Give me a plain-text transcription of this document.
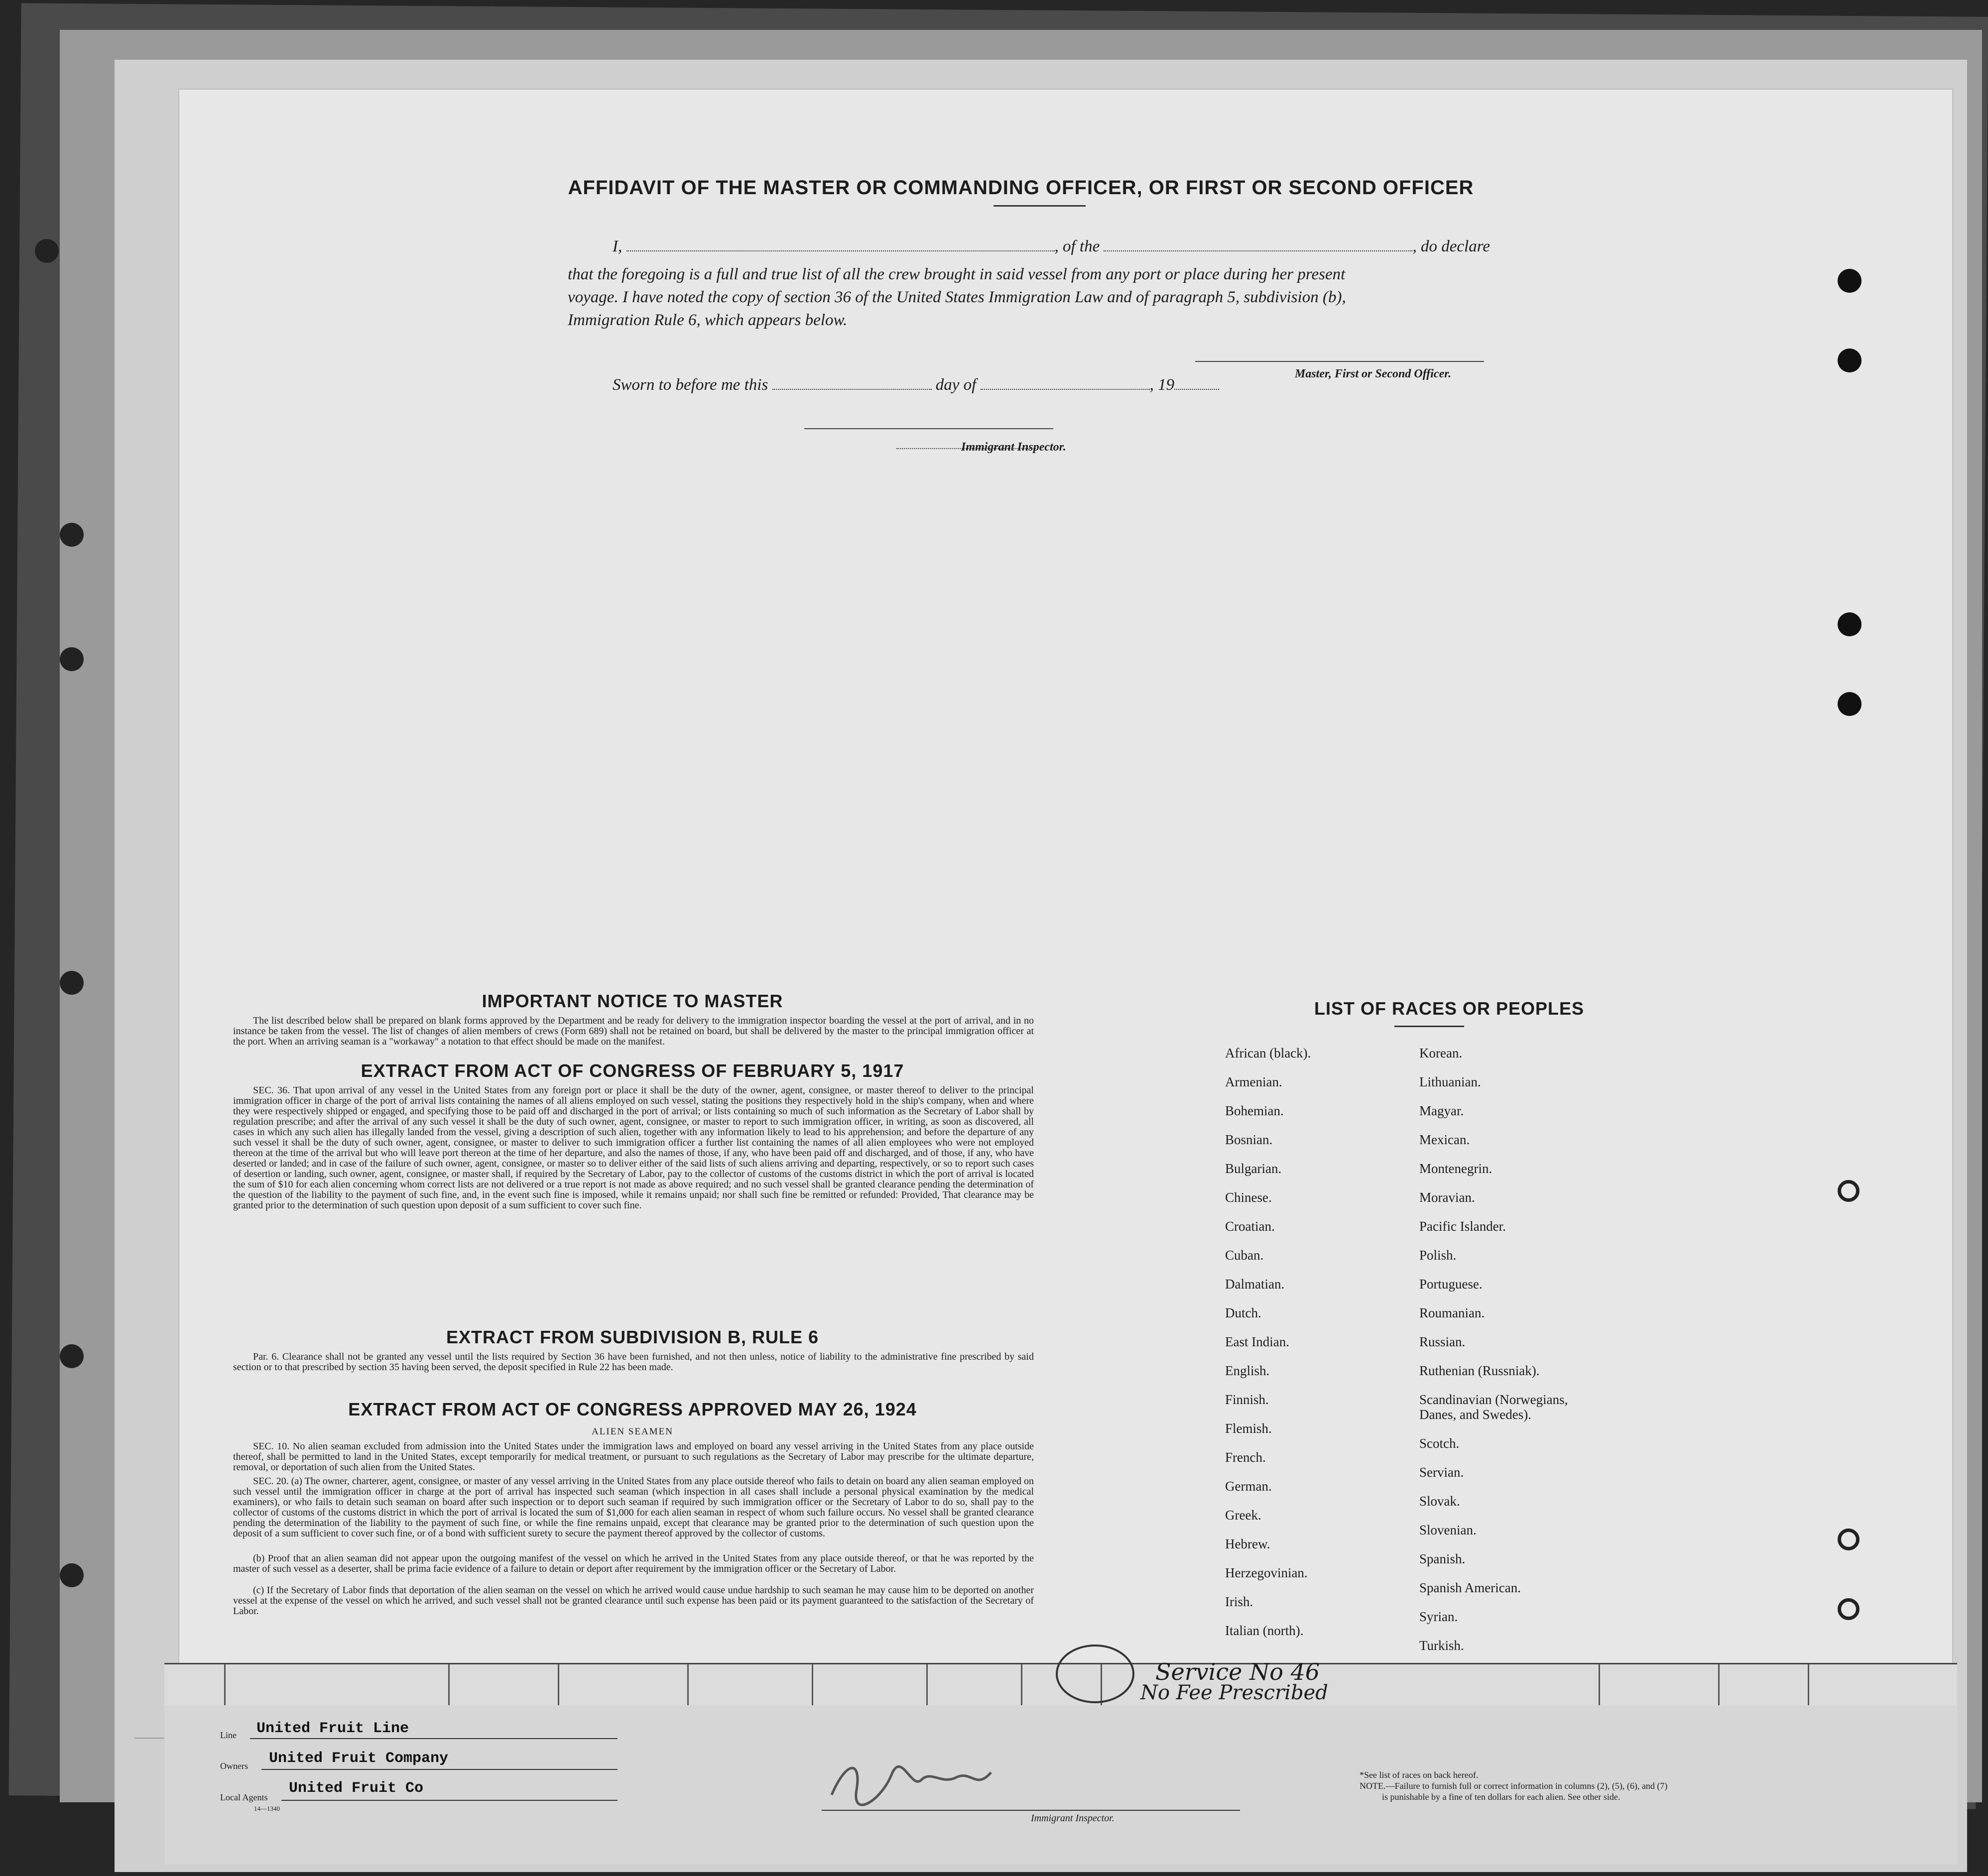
AFFIDAVIT OF THE MASTER OR COMMANDING OFFICER, OR FIRST OR SECOND OFFICER
I,	, of the	, do declare
that the foregoing is a full and true list of all the crew brought in said vessel from any port or place during her present
voyage. I have noted the copy of section 36 of the United States Immigration Law and of paragraph 5, subdivision (b),
Immigration Rule 6, which appears below.
Master, First or Second Officer.
Sworn to before me this	day of	, 19
Immigrant Inspector.
IMPORTANT NOTICE TO MASTER
The list described below shall be prepared on blank forms approved by the Department and be ready for delivery to the immigration inspector boarding the vessel at the port of arrival, and in no instance be taken from the vessel. The list of changes of alien members of crews (Form 689) shall not be retained on board, but shall be delivered by the master to the principal immigration officer at the port. When an arriving seaman is a "workaway" a notation to that effect should be made on the manifest.
EXTRACT FROM ACT OF CONGRESS OF FEBRUARY 5, 1917
SEC. 36. That upon arrival of any vessel in the United States from any foreign port or place it shall be the duty of the owner, agent, consignee, or master thereof to deliver to the principal immigration officer in charge of the port of arrival lists containing the names of all aliens employed on such vessel, stating the positions they respectively hold in the ship's company, when and where they were respectively shipped or engaged, and specifying those to be paid off and discharged in the port of arrival; or lists containing so much of such information as the Secretary of Labor shall by regulation prescribe; and after the arrival of any such vessel it shall be the duty of such owner, agent, consignee, or master to report to such immigration officer, in writing, as soon as discovered, all cases in which any such alien has illegally landed from the vessel, giving a description of such alien, together with any information likely to lead to his apprehension; and before the departure of any such vessel it shall be the duty of such owner, agent, consignee, or master to deliver to such immigration officer a further list containing the names of all alien employees who were not employed thereon at the time of the arrival but who will leave port thereon at the time of her departure, and also the names of those, if any, who have been paid off and discharged, and of those, if any, who have deserted or landed; and in case of the failure of such owner, agent, consignee, or master so to deliver either of the said lists of such aliens arriving and departing, respectively, or so to report such cases of desertion or landing, such owner, agent, consignee, or master shall, if required by the Secretary of Labor, pay to the collector of customs of the customs district in which the port of arrival is located the sum of $10 for each alien concerning whom correct lists are not delivered or a true report is not made as above required; and no such vessel shall be granted clearance pending the determination of the question of the liability to the payment of such fine, and, in the event such fine is imposed, while it remains unpaid; nor shall such fine be remitted or refunded: Provided, That clearance may be granted prior to the determination of such question upon deposit of a sum sufficient to cover such fine.
EXTRACT FROM SUBDIVISION B, RULE 6
Par. 6. Clearance shall not be granted any vessel until the lists required by Section 36 have been furnished, and not then unless, notice of liability to the administrative fine prescribed by said section or to that prescribed by section 35 having been served, the deposit specified in Rule 22 has been made.
EXTRACT FROM ACT OF CONGRESS APPROVED MAY 26, 1924
ALIEN SEAMEN
SEC. 10. No alien seaman excluded from admission into the United States under the immigration laws and employed on board any vessel arriving in the United States from any place outside thereof, shall be permitted to land in the United States, except temporarily for medical treatment, or pursuant to such regulations as the Secretary of Labor may prescribe for the ultimate departure, removal, or deportation of such alien from the United States.
SEC. 20. (a) The owner, charterer, agent, consignee, or master of any vessel arriving in the United States from any place outside thereof who fails to detain on board any alien seaman employed on such vessel until the immigration officer in charge at the port of arrival has inspected such seaman (which inspection in all cases shall include a personal physical examination by the medical examiners), or who fails to detain such seaman on board after such inspection or to deport such seaman if required by such immigration officer or the Secretary of Labor to do so, shall pay to the collector of customs of the customs district in which the port of arrival is located the sum of $1,000 for each alien seaman in respect of whom such failure occurs. No vessel shall be granted clearance pending the determination of the liability to the payment of such fine, or while the fine remains unpaid, except that clearance may be granted prior to the determination of such question upon the deposit of a sum sufficient to cover such fine, or of a bond with sufficient surety to secure the payment thereof approved by the collector of customs.
(b) Proof that an alien seaman did not appear upon the outgoing manifest of the vessel on which he arrived in the United States from any place outside thereof, or that he was reported by the master of such vessel as a deserter, shall be prima facie evidence of a failure to detain or deport after requirement by the immigration officer or the Secretary of Labor.
(c) If the Secretary of Labor finds that deportation of the alien seaman on the vessel on which he arrived would cause undue hardship to such seaman he may cause him to be deported on another vessel at the expense of the vessel on which he arrived, and such vessel shall not be granted clearance until such expense has been paid or its payment guaranteed to the satisfaction of the Secretary of Labor.
LIST OF RACES OR PEOPLES
African (black).
Armenian.
Bohemian.
Bosnian.
Bulgarian.
Chinese.
Croatian.
Cuban.
Dalmatian.
Dutch.
East Indian.
English.
Finnish.
Flemish.
French.
German.
Greek.
Hebrew.
Herzegovinian.
Irish.
Italian (north).
Korean.
Lithuanian.
Magyar.
Mexican.
Montenegrin.
Moravian.
Pacific Islander.
Polish.
Portuguese.
Roumanian.
Russian.
Ruthenian (Russniak).
Scandinavian (Norwegians,
Danes, and Swedes).
Scotch.
Servian.
Slovak.
Slovenian.
Spanish.
Spanish American.
Syrian.
Turkish.
Service No 46
No Fee Prescribed
Line United Fruit Line
Owners United Fruit Company
Local Agents
United Fruit Co
14—1340
Immigrant Inspector.
*See list of races on back hereof.
NOTE.—Failure to furnish full or correct information in columns (2), (5), (6), and (7)
is punishable by a fine of ten dollars for each alien. See other side.
